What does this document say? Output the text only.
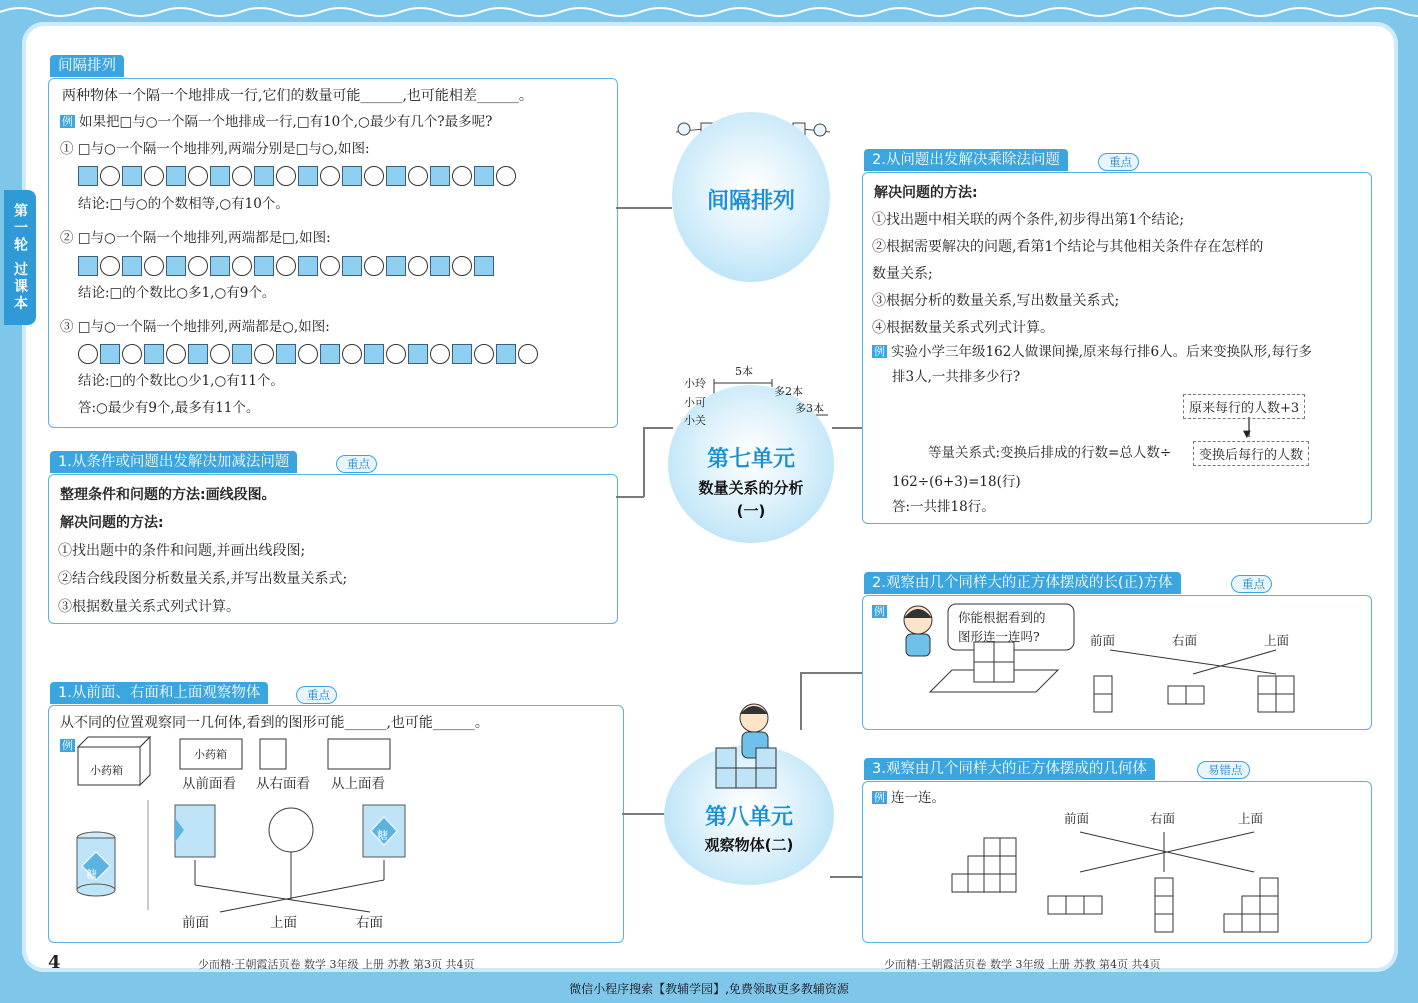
第一轮 过课本
间隔排列
两种物体一个隔一个地排成一行,它们的数量可能______,也可能相差______。
例 如果把□与○一个隔一个地排成一行,□有10个,○最少有几个?最多呢?
① □与○一个隔一个地排列,两端分别是□与○,如图:
结论:□与○的个数相等,○有10个。
② □与○一个隔一个地排列,两端都是□,如图:
结论:□的个数比○多1,○有9个。
③ □与○一个隔一个地排列,两端都是○,如图:
结论:□的个数比○少1,○有11个。
答:○最少有9个,最多有11个。
1.从条件或问题出发解决加减法问题	重点
整理条件和问题的方法:画线段图。
解决问题的方法:
①找出题中的条件和问题,并画出线段图;
②结合线段图分析数量关系,并写出数量关系式;
③根据数量关系式列式计算。
1.从前面、右面和上面观察物体	重点
从不同的位置观察同一几何体,看到的图形可能______,也可能______。
例
小药箱
小药箱
从前面看 从右面看 从上面看
糖
糖
前面	上面	右面
间隔排列
小玲
小可
小关
5本
多2本
多3本
第七单元
数量关系的分析
(一)
第八单元
观察物体(二)
2.从问题出发解决乘除法问题	重点
解决问题的方法:
①找出题中相关联的两个条件,初步得出第1个结论;
②根据需要解决的问题,看第1个结论与其他相关条件存在怎样的
数量关系;
③根据分析的数量关系,写出数量关系式;
④根据数量关系式列式计算。
例 实验小学三年级162人做课间操,原来每行排6人。后来变换队形,每行多
排3人,一共排多少行?
原来每行的人数+3
▼
等量关系式:变换后排成的行数=总人数÷	变换后每行的人数
162÷(6+3)=18(行)
答:一共排18行。
2.观察由几个同样大的正方体摆成的长(正)方体	重点
例	你能根据看到的
图形连一连吗?	前面	右面	上面
3.观察由几个同样大的正方体摆成的几何体	易错点
例 连一连。
前面	右面	上面
4	少而精·王朝霞活页卷 数学 3年级 上册 苏教 第3页 共4页	少而精·王朝霞活页卷 数学 3年级 上册 苏教 第4页 共4页
微信小程序搜索【教辅学园】,免费领取更多教辅资源
